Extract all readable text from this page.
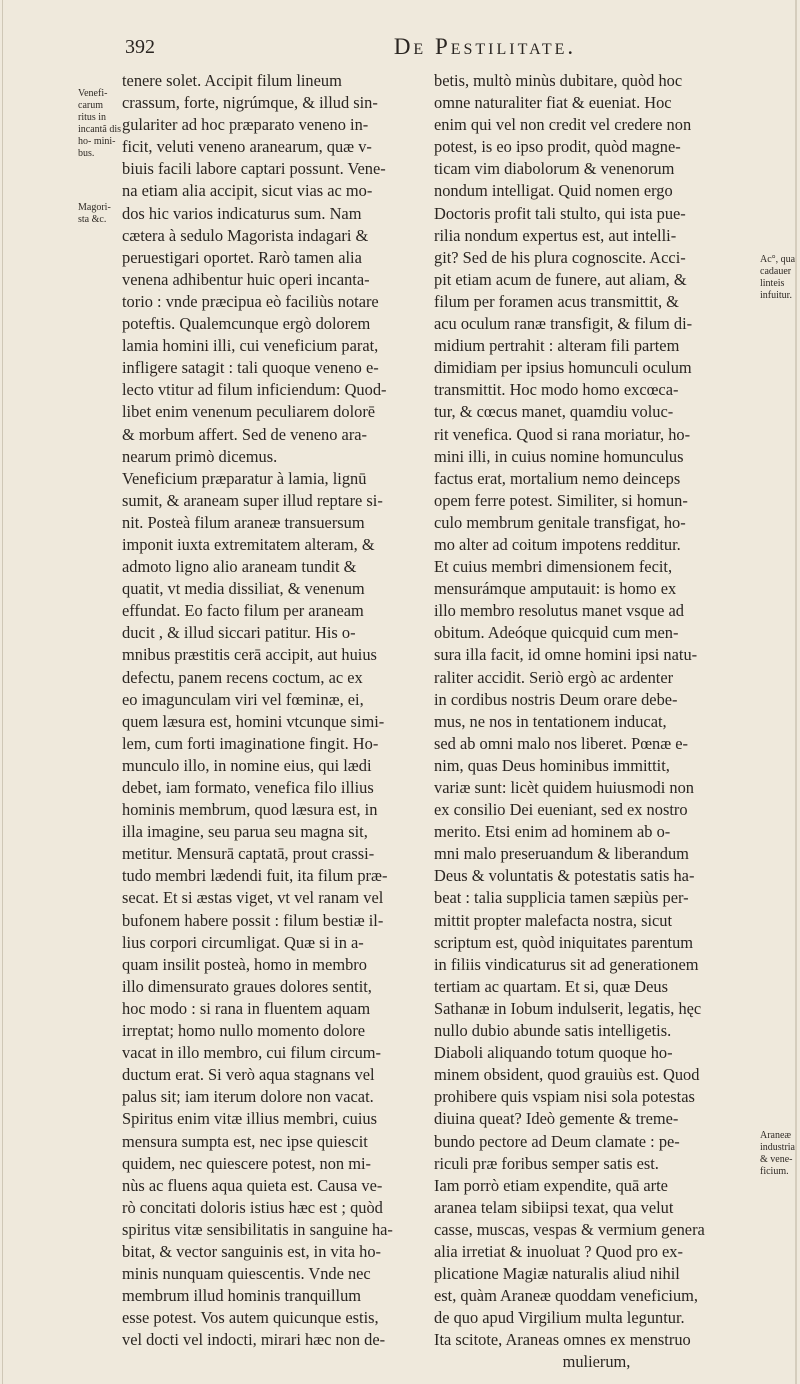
392	De Pestilitate.
Venefi- carum ritus in incantã dis ho- mini- bus.
Magori- sta &c.
Ac°, qua cadauer linteis infuitur.
Araneæ industria & vene- ficium.
tenere solet. Accipit filum lineum
crassum, forte, nigrúmque, & illud sin-
gulariter ad hoc præparato veneno in-
ficit, veluti veneno aranearum, quæ v-
biuis facili labore captari possunt. Vene-
na etiam alia accipit, sicut vias ac mo-
dos hic varios indicaturus sum. Nam
cætera à sedulo Magorista indagari &
peruestigari oportet. Rarò tamen alia
venena adhibentur huic operi incanta-
torio : vnde præcipua eò faciliùs notare
poteftis. Qualemcunque ergò dolorem
lamia homini illi, cui veneficium parat,
infligere satagit : tali quoque veneno e-
lecto vtitur ad filum inficiendum: Quod-
libet enim venenum peculiarem dolorē
& morbum affert. Sed de veneno ara-
nearum primò dicemus.
Veneficium præparatur à lamia, lignū
sumit, & araneam super illud reptare si-
nit. Posteà filum araneæ transuersum
imponit iuxta extremitatem alteram, &
admoto ligno alio araneam tundit &
quatit, vt media dissiliat, & venenum
effundat. Eo facto filum per araneam
ducit , & illud siccari patitur. His o-
mnibus præstitis cerā accipit, aut huius
defectu, panem recens coctum, ac ex
eo imagunculam viri vel fœminæ, ei,
quem læsura est, homini vtcunque simi-
lem, cum forti imaginatione fingit. Ho-
munculo illo, in nomine eius, qui lædi
debet, iam formato, venefica filo illius
hominis membrum, quod læsura est, in
illa imagine, seu parua seu magna sit,
metitur. Mensurā captatā, prout crassi-
tudo membri lædendi fuit, ita filum præ-
secat. Et si æstas viget, vt vel ranam vel
bufonem habere possit : filum bestiæ il-
lius corpori circumligat. Quæ si in a-
quam insilit posteà, homo in membro
illo dimensurato graues dolores sentit,
hoc modo : si rana in fluentem aquam
irreptat; homo nullo momento dolore
vacat in illo membro, cui filum circum-
ductum erat. Si verò aqua stagnans vel
palus sit; iam iterum dolore non vacat.
Spiritus enim vitæ illius membri, cuius
mensura sumpta est, nec ipse quiescit
quidem, nec quiescere potest, non mi-
nùs ac fluens aqua quieta est. Causa ve-
rò concitati doloris istius hæc est ; quòd
spiritus vitæ sensibilitatis in sanguine ha-
bitat, & vector sanguinis est, in vita ho-
minis nunquam quiescentis. Vnde nec
membrum illud hominis tranquillum
esse potest. Vos autem quicunque estis,
vel docti vel indocti, mirari hæc non de-
betis, multò minùs dubitare, quòd hoc
omne naturaliter fiat & eueniat. Hoc
enim qui vel non credit vel credere non
potest, is eo ipso prodit, quòd magne-
ticam vim diabolorum & venenorum
nondum intelligat. Quid nomen ergo
Doctoris profit tali stulto, qui ista pue-
rilia nondum expertus est, aut intelli-
git? Sed de his plura cognoscite. Acci-
pit etiam acum de funere, aut aliam, &
filum per foramen acus transmittit, &
acu oculum ranæ transfigit, & filum di-
midium pertrahit : alteram fili partem
dimidiam per ipsius homunculi oculum
transmittit. Hoc modo homo excœca-
tur, & cœcus manet, quamdiu voluc-
rit venefica. Quod si rana moriatur, ho-
mini illi, in cuius nomine homunculus
factus erat, mortalium nemo deinceps
opem ferre potest. Similiter, si homun-
culo membrum genitale transfigat, ho-
mo alter ad coitum impotens redditur.
Et cuius membri dimensionem fecit,
mensurámque amputauit: is homo ex
illo membro resolutus manet vsque ad
obitum. Adeóque quicquid cum men-
sura illa facit, id omne homini ipsi natu-
raliter accidit. Seriò ergò ac ardenter
in cordibus nostris Deum orare debe-
mus, ne nos in tentationem inducat,
sed ab omni malo nos liberet. Pœnæ e-
nim, quas Deus hominibus immittit,
variæ sunt: licèt quidem huiusmodi non
ex consilio Dei eueniant, sed ex nostro
merito. Etsi enim ad hominem ab o-
mni malo preseruandum & liberandum
Deus & voluntatis & potestatis satis ha-
beat : talia supplicia tamen sæpiùs per-
mittit propter malefacta nostra, sicut
scriptum est, quòd iniquitates parentum
in filiis vindicaturus sit ad generationem
tertiam ac quartam. Et si, quæ Deus
Sathanæ in Iobum indulserit, legatis, hęc
nullo dubio abunde satis intelligetis.
Diaboli aliquando totum quoque ho-
minem obsident, quod grauiùs est. Quod
prohibere quis vspiam nisi sola potestas
diuina queat? Ideò gemente & treme-
bundo pectore ad Deum clamate : pe-
riculi præ foribus semper satis est.
Iam porrò etiam expendite, quā arte
aranea telam sibiipsi texat, qua velut
casse, muscas, vespas & vermium genera
alia irretiat & inuoluat ? Quod pro ex-
plicatione Magiæ naturalis aliud nihil
est, quàm Araneæ quoddam veneficium,
de quo apud Virgilium multa leguntur.
Ita scitote, Araneas omnes ex menstruo
mulierum,
